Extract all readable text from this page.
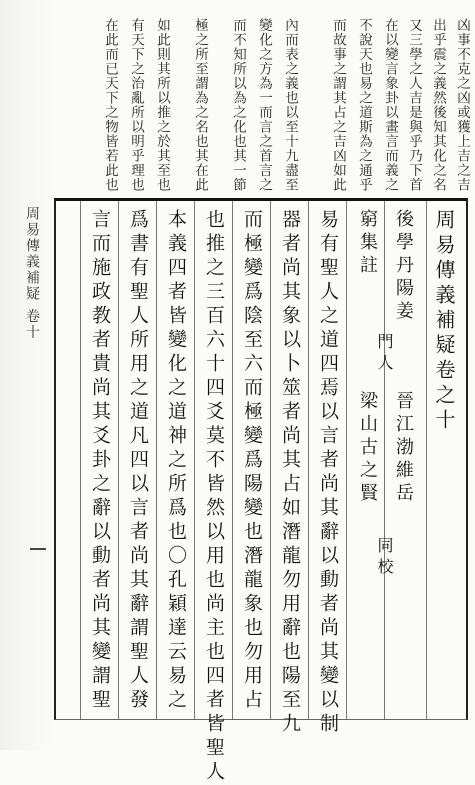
周易傳義補疑 卷十
凶事不克之凶或獲上吉之吉
出乎震之義然後知其化之名
又三學之人吉是與乎乃下首
在以變言象卦以畫言而義之
不說天也易之道斯為之通乎
而故事之謂其占之吉凶如此
內而表之義也以至十九盡至
變化之方為一而言之首言之
而不知所以為之化也其一節
極之所至謂為之名也其在此
如此則其所以推之於其至也
有天下之治亂所以明乎理也
在此而已天下之物皆若此也
周易傳義補疑卷之十
晉江渤維岳
梁山古之賢
門人
同校
後學丹陽姜
窮集註
易有聖人之道四焉以言者尚其辭以動者尚其變以制
器者尚其象以卜筮者尚其占如潛龍勿用辭也陽至九
而極變爲陰至六而極變爲陽變也潛龍象也勿用占
也推之三百六十四爻莫不皆然以用也尚主也四者皆聖人
本義四者皆變化之道神之所爲也〇孔穎達云易之
爲書有聖人所用之道凡四以言者尚其辭謂聖人發
言而施政教者貴尚其爻卦之辭以動者尚其變謂聖
